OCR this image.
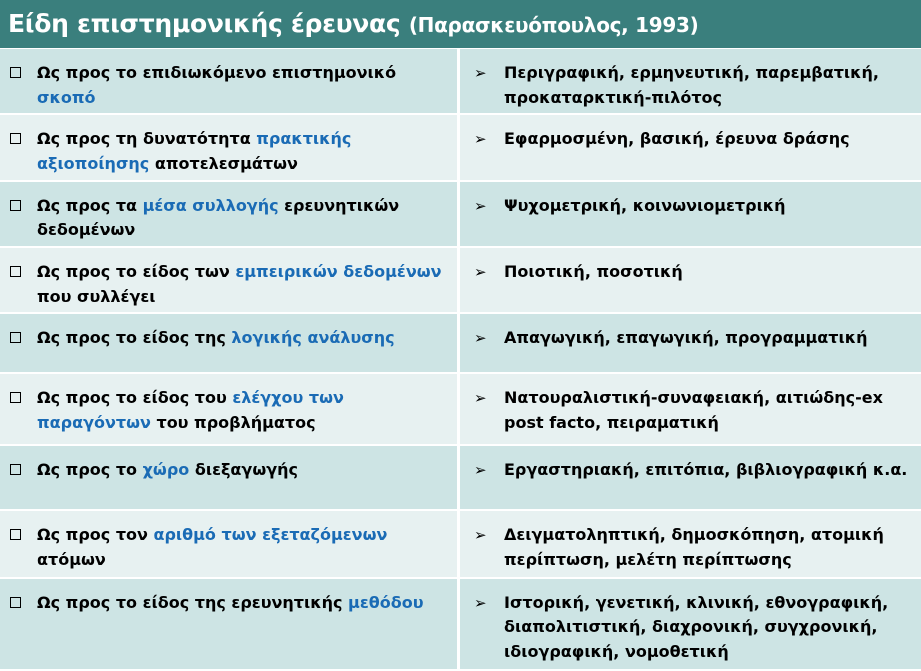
Είδη επιστημονικής έρευνας (Παρασκευόπουλος, 1993)
Ως προς το επιδιωκόμενο επιστημονικό σκοπό	➢ Περιγραφική, ερμηνευτική, παρεμβατική, προκαταρκτική-πιλότος

Ως προς τη δυνατότητα πρακτικής αξιοποίησης αποτελεσμάτων	➢ Εφαρμοσμένη, βασική, έρευνα δράσης

Ως προς τα μέσα συλλογής ερευνητικών δεδομένων	➢ Ψυχομετρική, κοινωνιομετρική

Ως προς το είδος των εμπειρικών δεδομένων που συλλέγει	➢ Ποιοτική, ποσοτική

Ως προς το είδος της λογικής ανάλυσης	➢ Απαγωγική, επαγωγική, προγραμματική

Ως προς το είδος του ελέγχου των παραγόντων του προβλήματος	➢ Νατουραλιστική-συναφειακή, αιτιώδης-ex post facto, πειραματική

Ως προς το χώρο διεξαγωγής	➢ Εργαστηριακή, επιτόπια, βιβλιογραφική κ.α.

Ως προς τον αριθμό των εξεταζόμενων ατόμων	➢ Δειγματοληπτική, δημοσκόπηση, ατομική περίπτωση, μελέτη περίπτωσης

Ως προς το είδος της ερευνητικής μεθόδου	➢ Ιστορική, γενετική, κλινική, εθνογραφική, διαπολιτιστική, διαχρονική, συγχρονική, ιδιογραφική, νομοθετική
